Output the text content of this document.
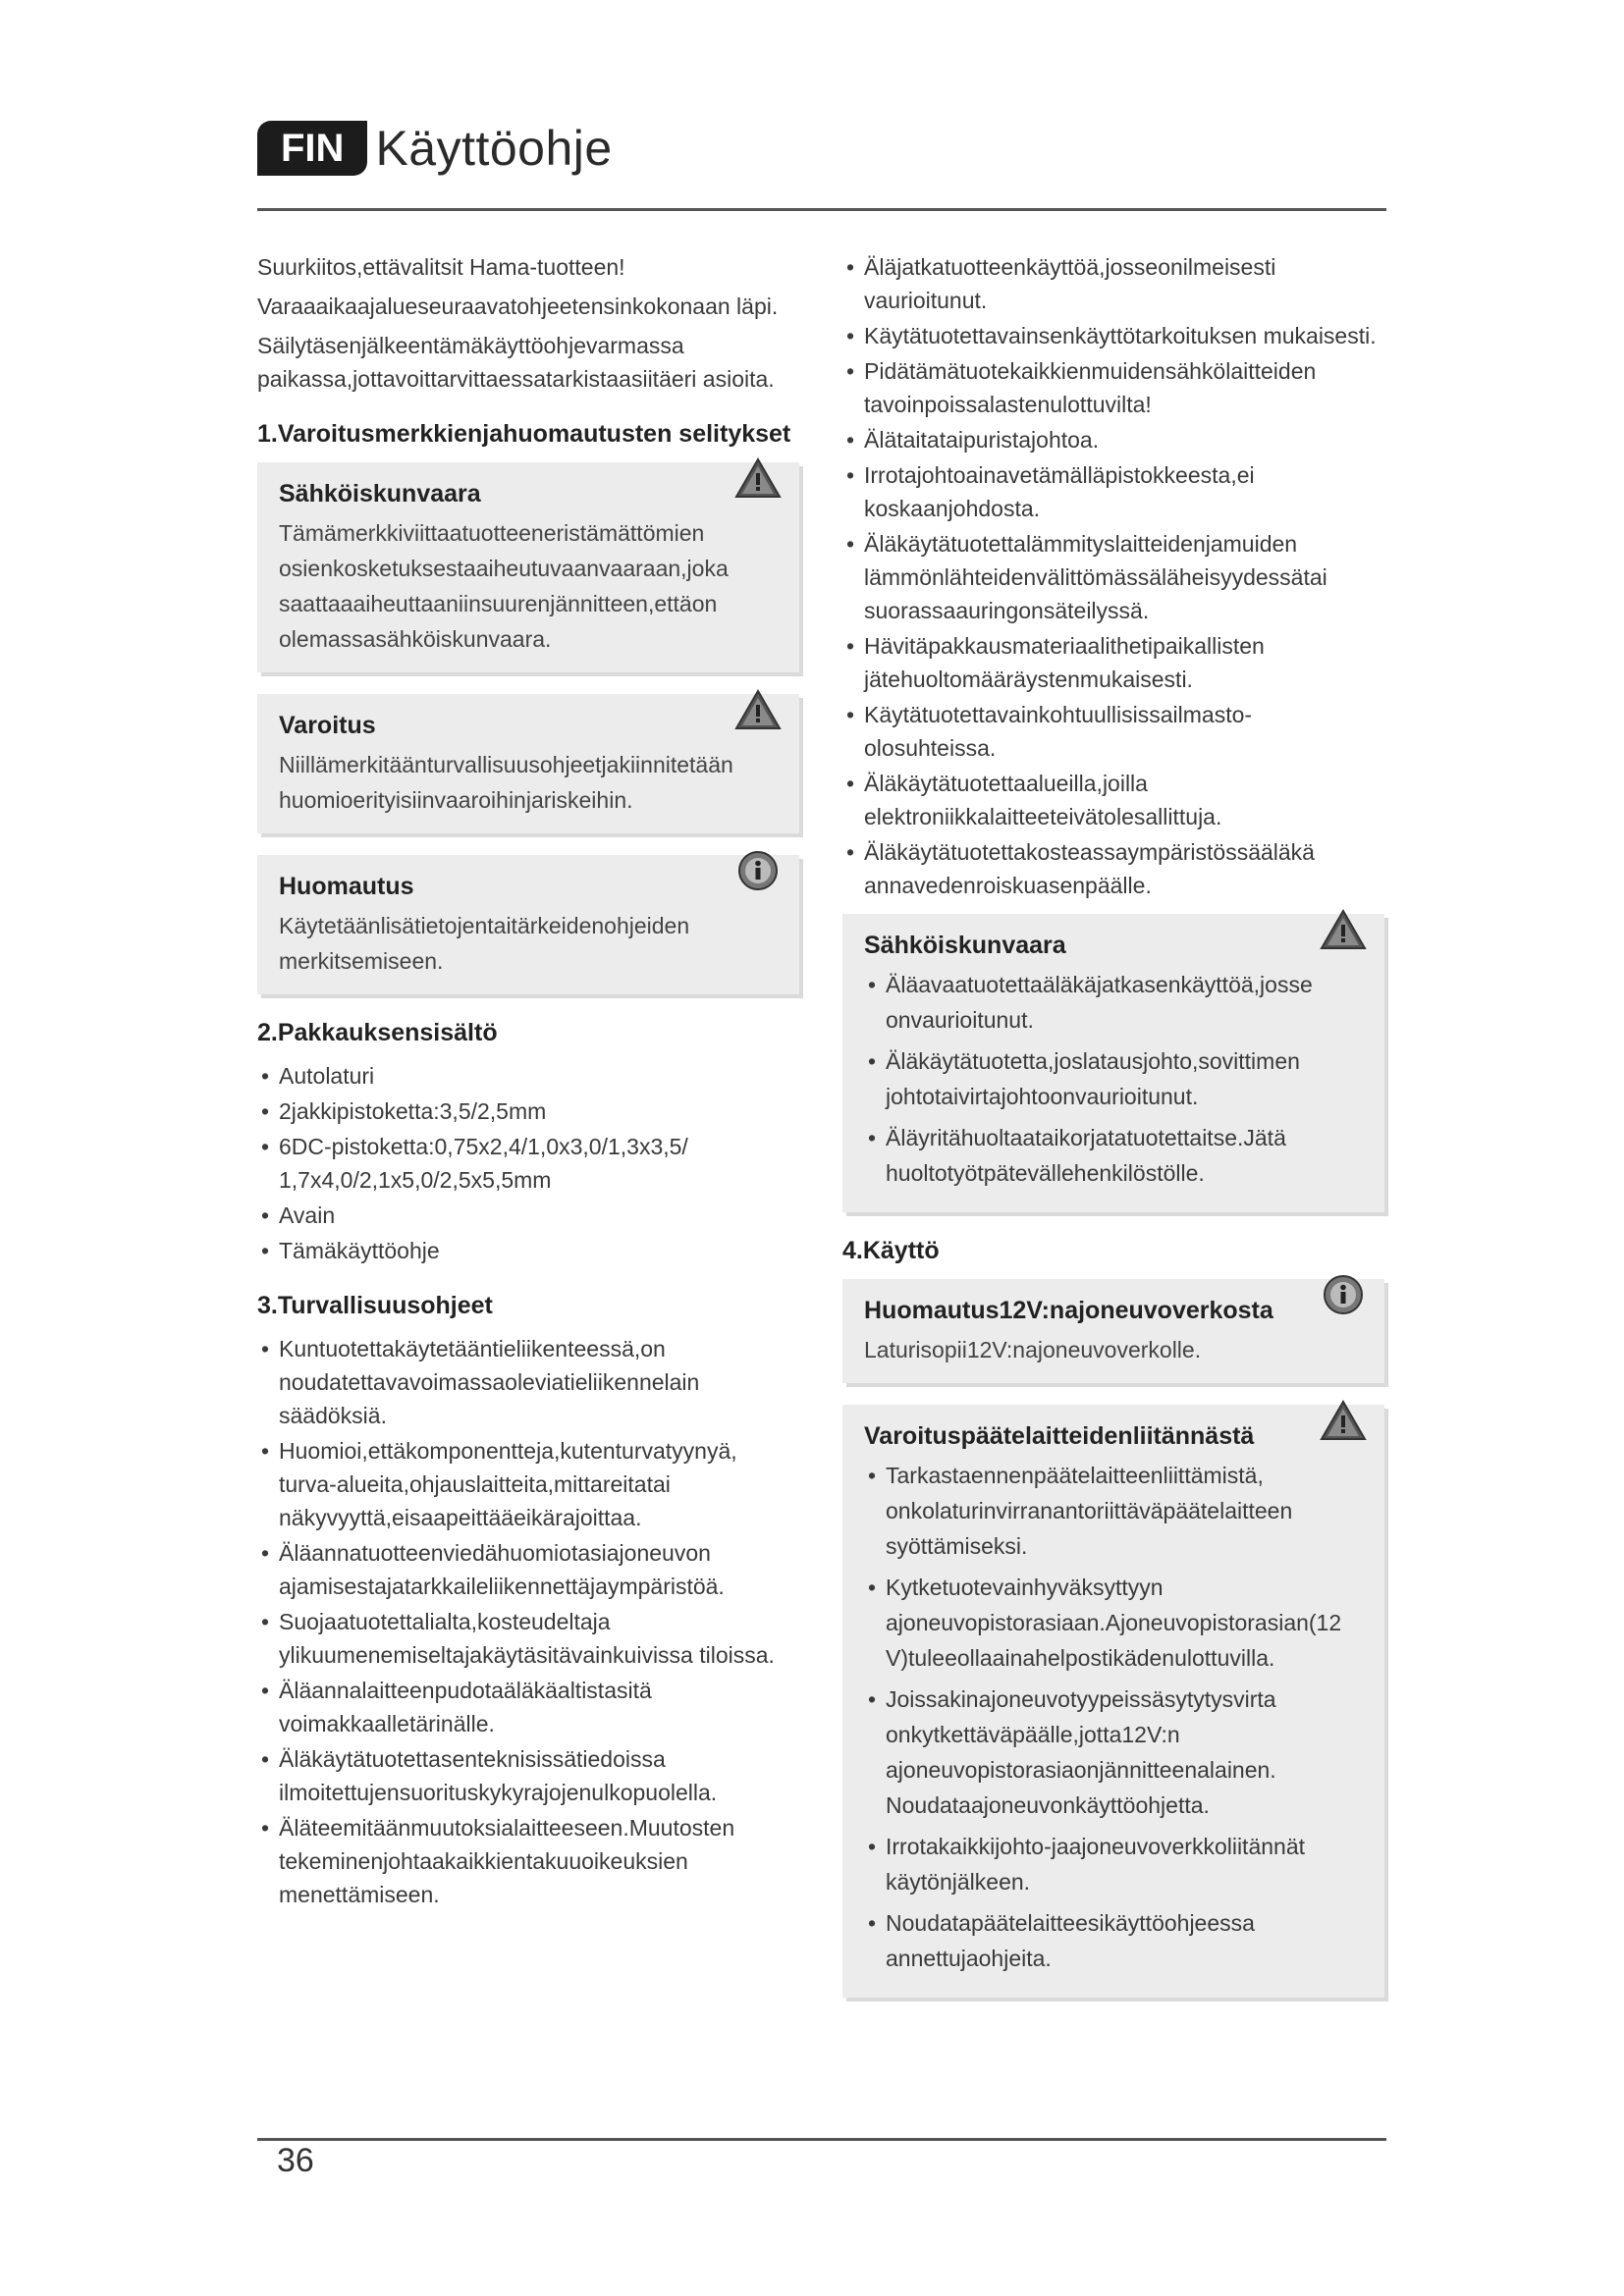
FIN Käyttöohje

Suurkiitos,ettävalitsit Hama-tuotteen!

Varaaaikaajalueseuraavatohjeetensinkokonaan läpi.

Säilytäsenjälkeentämäkäyttöohjevarmassa paikassa,jottavoittarvittaessatarkistaasiitäeri asioita.

1.Varoitusmerkkienjahuomautusten selitykset
Sähköiskunvaara
Tämämerkkiviittaatuotteeneristämättömien osienkosketuksestaaiheutuvaanvaaraan,joka saattaaaiheuttaaniinsuurenjännitteen,ettäon olemassasähköiskunvaara.
Varoitus
Niillämerkitäänturvallisuusohjeetjakiinnitetään huomioerityisiinvaaroihinjariskeihin.
Huomautus
Käytetäänlisätietojentaitärkeidenohjeiden merkitsemiseen.
2.Pakkauksensisältö
• Autolaturi
• 2jakkipistoketta:3,5/2,5mm
• 6DC-pistoketta:0,75x2,4/1,0x3,0/1,3x3,5/ 1,7x4,0/2,1x5,0/2,5x5,5mm
• Avain
• Tämäkäyttöohje
3.Turvallisuusohjeet
• Kuntuotettakäytetääntieliikenteessä,on noudatettavavoimassaoleviatieliikennelain säädöksiä.
• Huomioi,ettäkomponentteja,kutenturvatyynyä, turva-alueita,ohjauslaitteita,mittareitatai näkyvyyttä,eisaapeittääeikärajoittaa.
• Äläannatuotteenviedähuomiotasiajoneuvon ajamisestajatarkkaileliikennettäjaympäristöä.
• Suojaatuotettalialta,kosteudeltaja ylikuumenemiseltajakäytäsitävainkuivissa tiloissa.
• Äläannalaitteenpudotaäläkäaltistasitä voimakkaalletärinälle.
• Äläkäytätuotettasenteknisissätiedoissa ilmoitettujensuorituskykyrajojenulkopuolella.
• Äläteemitäänmuutoksialaitteeseen.Muutosten tekeminenjohtaakaikkientakuuoikeuksien menettämiseen.
• Äläjatkatuotteenkäyttöä,josseonilmeisesti vaurioitunut.
• Käytätuotettavainsenkäyttötarkoituksen mukaisesti.
• Pidätämätuotekaikkienmuidensähkölaitteiden tavoinpoissalastenulottuvilta!
• Älätaitataipuristajohtoa.
• Irrotajohtoainavetämälläpistokkeesta,ei koskaanjohdosta.
• Äläkäytätuotettalämmityslaitteidenjamuiden lämmönlähteidenvälittömässäläheisyydessätai suorassaauringonsäteilyssä.
• Hävitäpakkausmateriaalithetipaikallisten jätehuoltomääräystenmukaisesti.
• Käytätuotettavainkohtuullisissailmasto- olosuhteissa.
• Äläkäytätuotettaalueilla,joilla elektroniikkalaitteeteivätolesallittuja.
• Äläkäytätuotettakosteassaympäristössääläkä annavedenroiskuasenpäälle.
Sähköiskunvaara
• Äläavaatuotettaäläkäjatkasenkäyttöä,josse onvaurioitunut.
• Äläkäytätuotetta,joslatausjohto,sovittimen johtotaivirtajohtoonvaurioitunut.
• Äläyritähuoltaataikorjatatuotettaitse.Jätä huoltotyötpätevällehenkilöstölle.
4.Käyttö
Huomautus12V:najoneuvoverkosta
Laturisopii12V:najoneuvoverkolle.
Varoituspäätelaitteidenliitännästä
• Tarkastaennenpäätelaitteenliittämistä, onkolaturinvirranantoriittäväpäätelaitteen syöttämiseksi.
• Kytketuotevainhyväksyttyyn ajoneuvopistorasiaan.Ajoneuvopistorasian(12 V)tuleeollaainahelpostikädenulottuvilla.
• Joissakinajoneuvotyypeissäsytytysvirta onkytkettäväpäälle,jotta12V:n ajoneuvopistorasiaonjännitteenalainen. Noudataajoneuvonkäyttöohjetta.
• Irrotakaikkijohto-jaajoneuvoverkkoliitännät käytönjälkeen.
• Noudatapäätelaitteesikäyttöohjeessa annettujaohjeita.
36
